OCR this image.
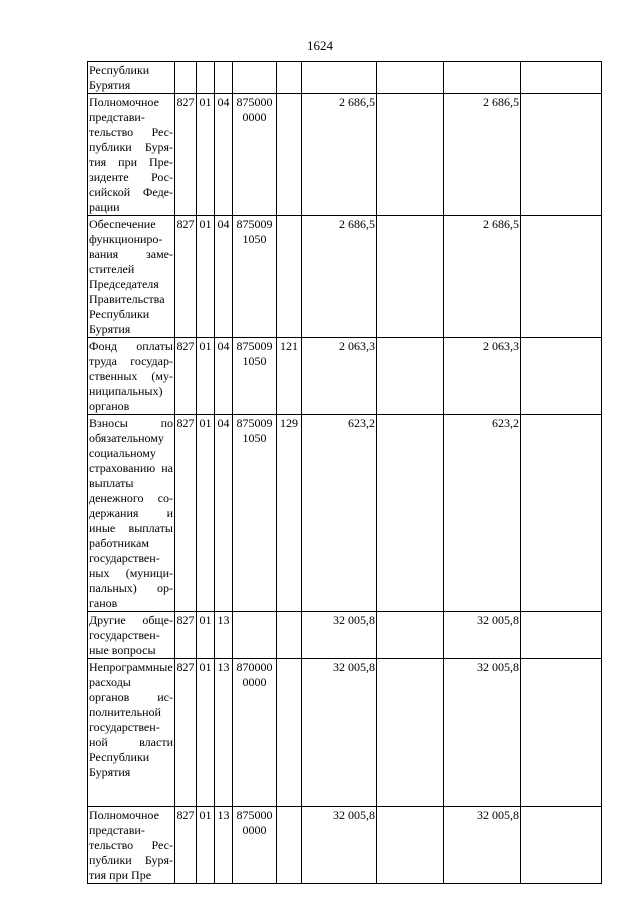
1624
Республики Бурятия									
Полномочное представительство Республики Бурятия при Президенте Российской Федерации	827	01	04	8750000000		2 686,5		2 686,5	
Обеспечение функционирования заместителей Председателя Правительства Республики Бурятия	827	01	04	8750091050		2 686,5		2 686,5	
Фонд оплаты труда государственных (муниципальных) органов	827	01	04	8750091050	121	2 063,3		2 063,3	
Взносы по обязательному социальному страхованию на выплаты денежного содержания и иные выплаты работникам государственных (муниципальных) органов	827	01	04	8750091050	129	623,2		623,2	
Другие общегосударственные вопросы	827	01	13			32 005,8		32 005,8	
Непрограммные расходы органов исполнительной государственной власти Республики Бурятия	827	01	13	8700000000		32 005,8		32 005,8	
Полномочное представительство Республики Бурятия при Пре	827	01	13	8750000000		32 005,8		32 005,8	
